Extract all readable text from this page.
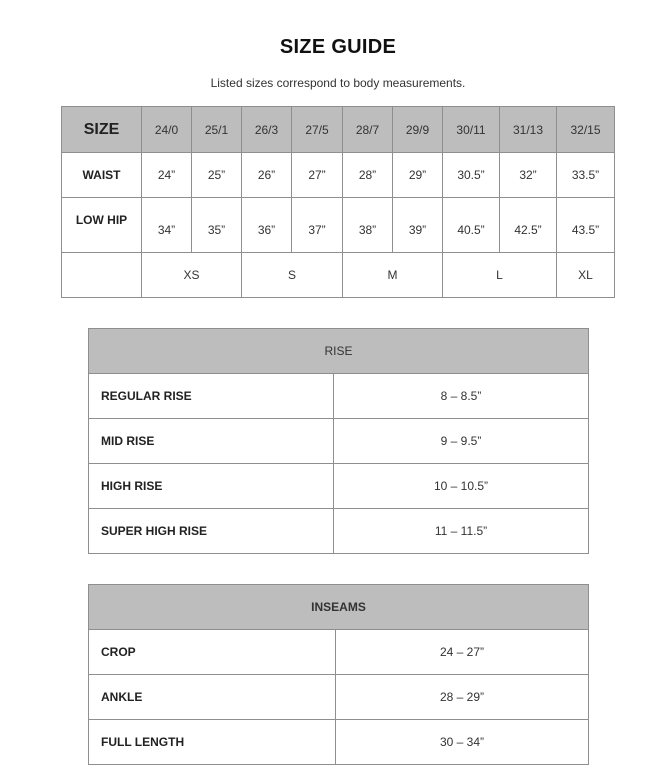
SIZE GUIDE
Listed sizes correspond to body measurements.
SIZE	24/0	25/1	26/3	27/5	28/7	29/9	30/11	31/13	32/15
WAIST	24”	25”	26”	27”	28”	29”	30.5”	32”	33.5”
LOW HIP	34”	35”	36”	37”	38”	39”	40.5”	42.5”	43.5”
	XS		S		M		L		XL
RISE	
REGULAR RISE	8 – 8.5”
MID RISE	9 – 9.5”
HIGH RISE	10 – 10.5”
SUPER HIGH RISE	11 – 11.5”
INSEAMS	
CROP	24 – 27”
ANKLE	28 – 29”
FULL LENGTH	30 – 34”
